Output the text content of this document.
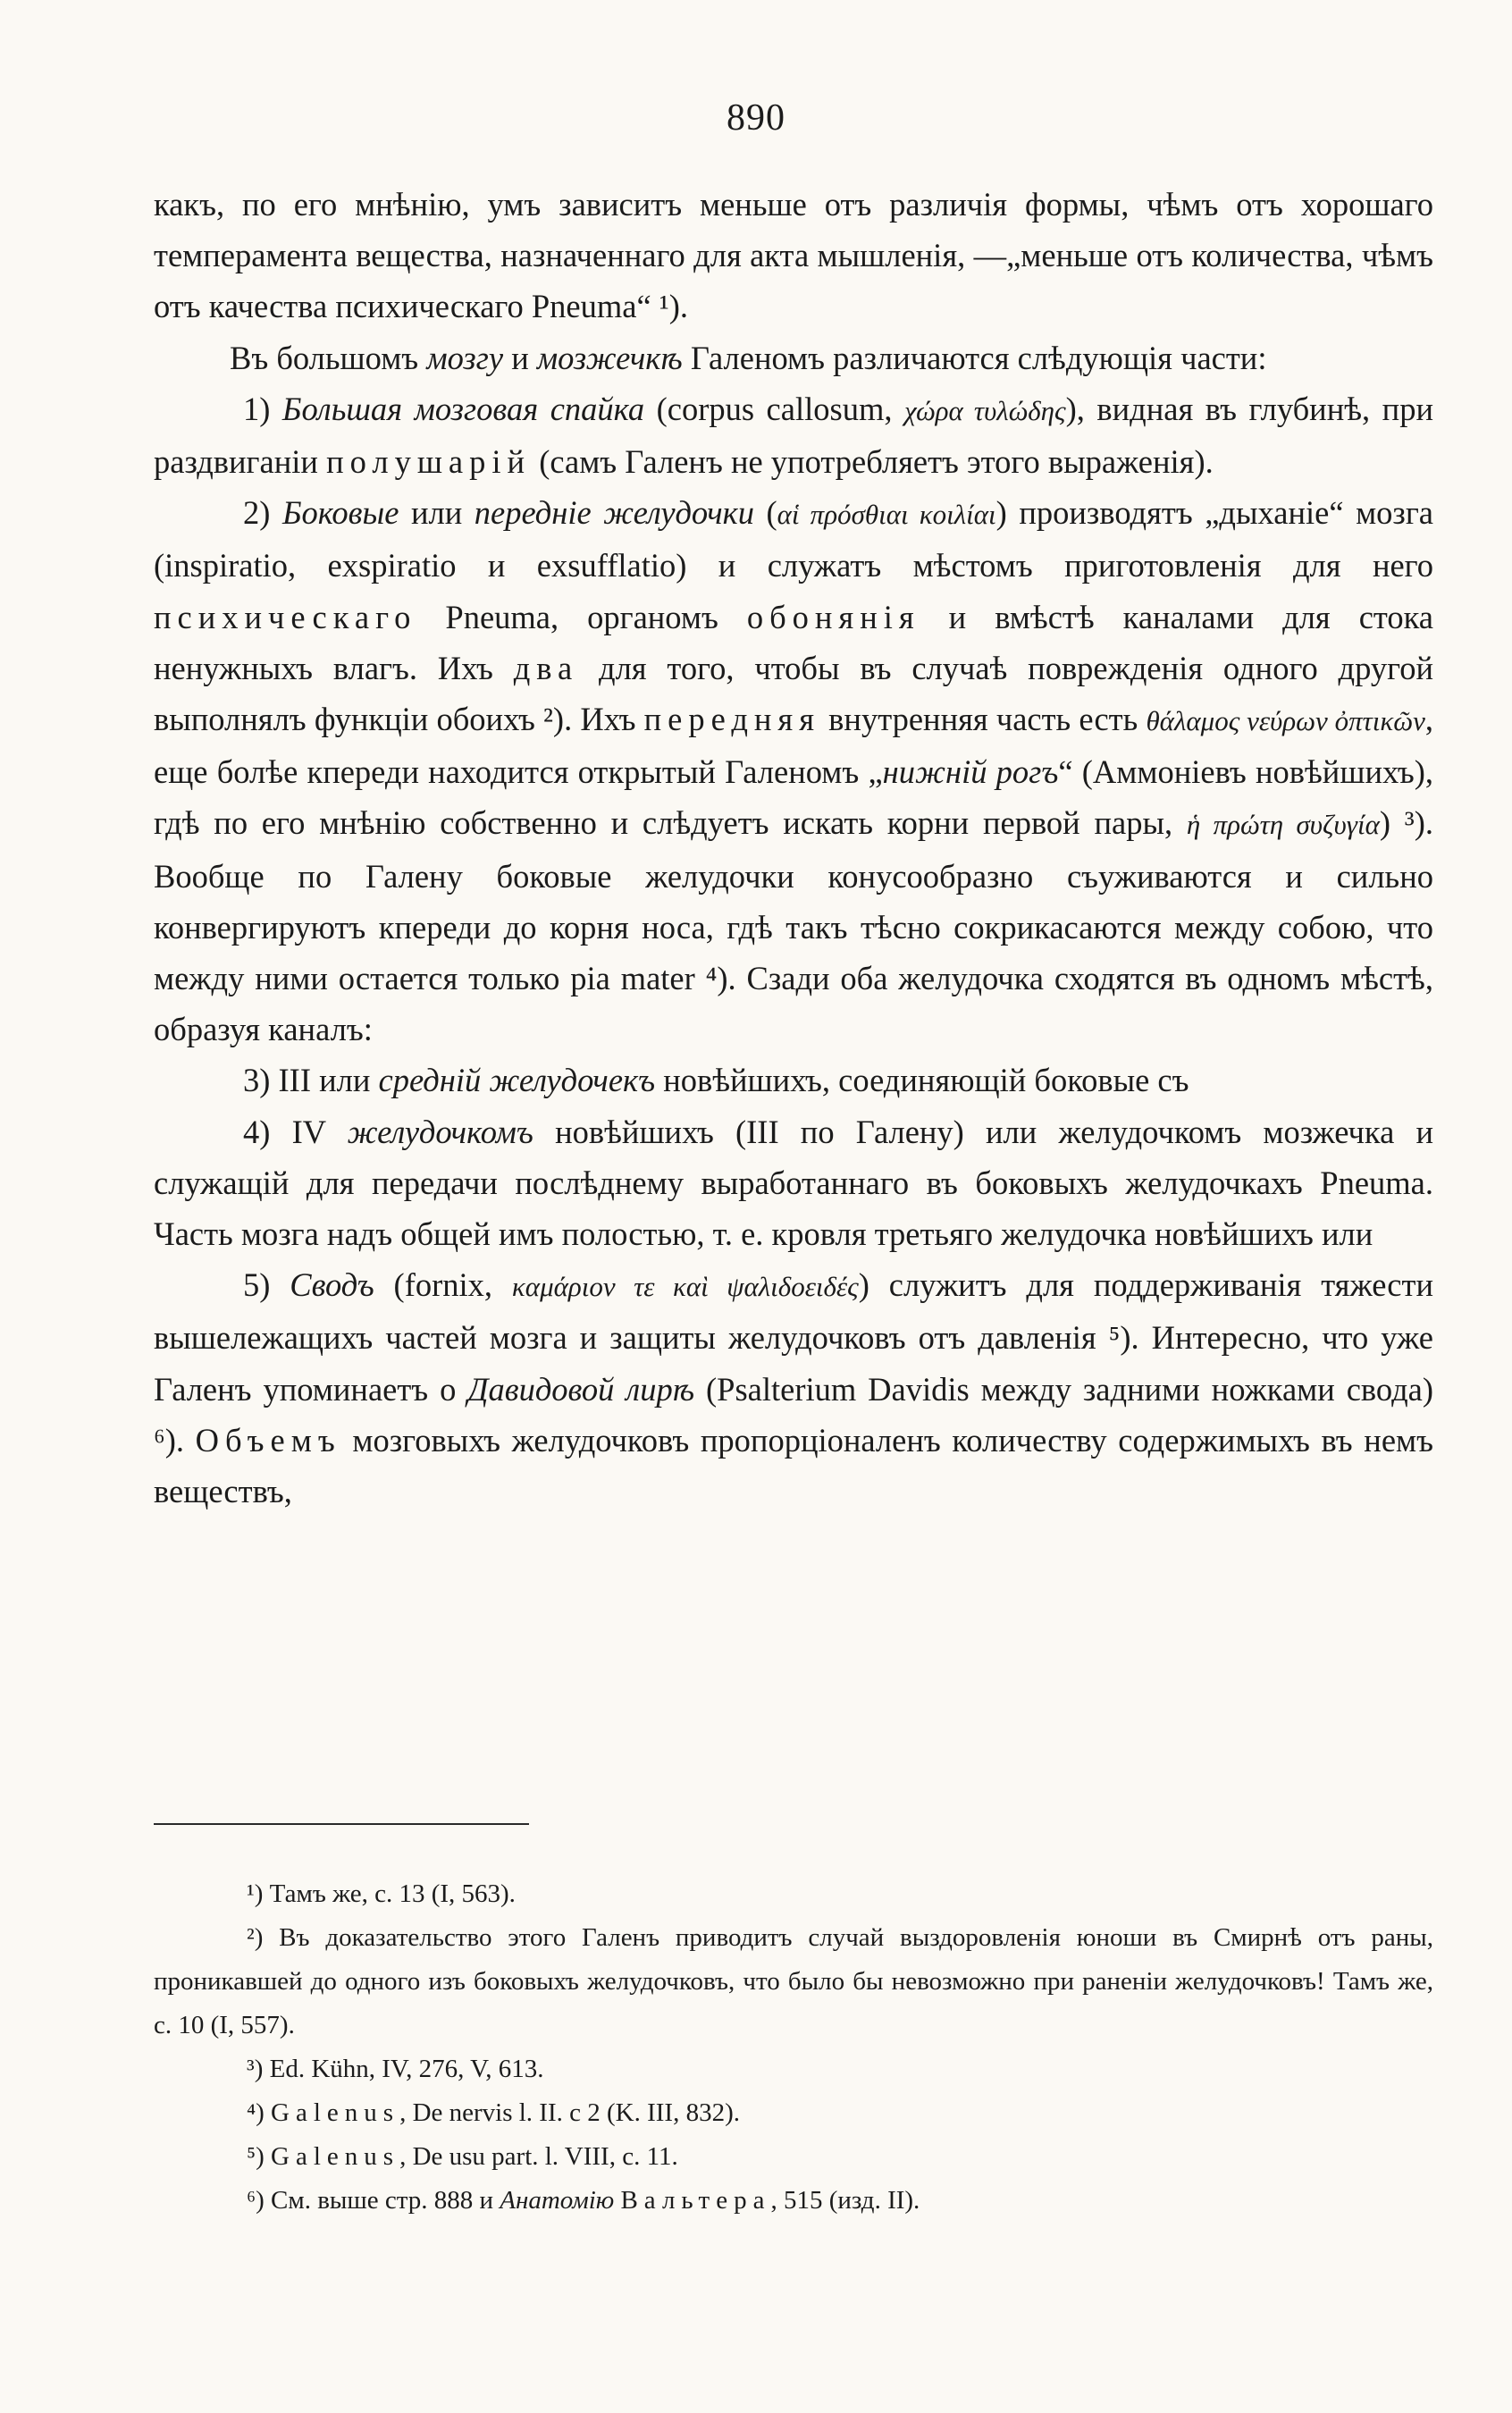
890

какъ, по его мнѣнію, умъ зависитъ меньше отъ различія формы, чѣмъ отъ хорошаго темперамента вещества, назначеннаго для акта мышленія, —„меньше отъ количества, чѣмъ отъ качества психическаго Pneuma“ ¹).

Въ большомъ мозгу и мозжечкѣ Галеномъ различаются слѣдующія части:

1) Большая мозговая спайка (corpus callosum, χώρα τυλώδης), видная въ глубинѣ, при раздвиганіи полушарій (самъ Галенъ не употребляетъ этого выраженія).

2) Боковые или передніе желудочки (αἱ πρόσθιαι κοιλίαι) производятъ „дыханіе“ мозга (inspiratio, exspiratio и exsufflatio) и служатъ мѣстомъ приготовленія для него психическаго Pneuma, органомъ обонянія и вмѣстѣ каналами для стока ненужныхъ влагъ. Ихъ два для того, чтобы въ случаѣ поврежденія одного другой выполнялъ функціи обоихъ ²). Ихъ передняя внутренняя часть есть θάλαμος νεύρων ὀπτικῶν, еще болѣе кпереди находится открытый Галеномъ „нижній рогъ“ (Аммоніевъ новѣйшихъ), гдѣ по его мнѣнію собственно и слѣдуетъ искать корни первой пары, ἡ πρώτη συζυγία) ³). Вообще по Галену боковые желудочки конусообразно съуживаются и сильно конвергируютъ кпереди до корня носа, гдѣ такъ тѣсно сокрикасаются между собою, что между ними остается только pia mater ⁴). Сзади оба желудочка сходятся въ одномъ мѣстѣ, образуя каналъ:

3) III или средній желудочекъ новѣйшихъ, соединяющій боковые съ

4) IV желудочкомъ новѣйшихъ (III по Галену) или желудочкомъ мозжечка и служащій для передачи послѣднему выработаннаго въ боковыхъ желудочкахъ Pneuma. Часть мозга надъ общей имъ полостью, т. е. кровля третьяго желудочка новѣйшихъ или

5) Сводъ (fornix, καμάριον τε καὶ ψαλιδοειδές) служитъ для поддерживанія тяжести вышележащихъ частей мозга и защиты желудочковъ отъ давленія ⁵). Интересно, что уже Галенъ упоминаетъ о Давидовой лирѣ (Psalterium Davidis между задними ножками свода) ⁶). Объемъ мозговыхъ желудочковъ пропорціоналенъ количеству содержимыхъ въ немъ веществъ,

¹) Тамъ же, с. 13 (I, 563).

²) Въ доказательство этого Галенъ приводитъ случай выздоровленія юноши въ Смирнѣ отъ раны, проникавшей до одного изъ боковыхъ желудочковъ, что было бы невозможно при раненіи желудочковъ! Тамъ же, с. 10 (I, 557).

³) Ed. Kühn, IV, 276, V, 613.

⁴) Galenus, De nervis l. II. c 2 (K. III, 832).

⁵) Galenus, De usu part. l. VIII, c. 11.

⁶) См. выше стр. 888 и Анатомію Вальтера, 515 (изд. II).
